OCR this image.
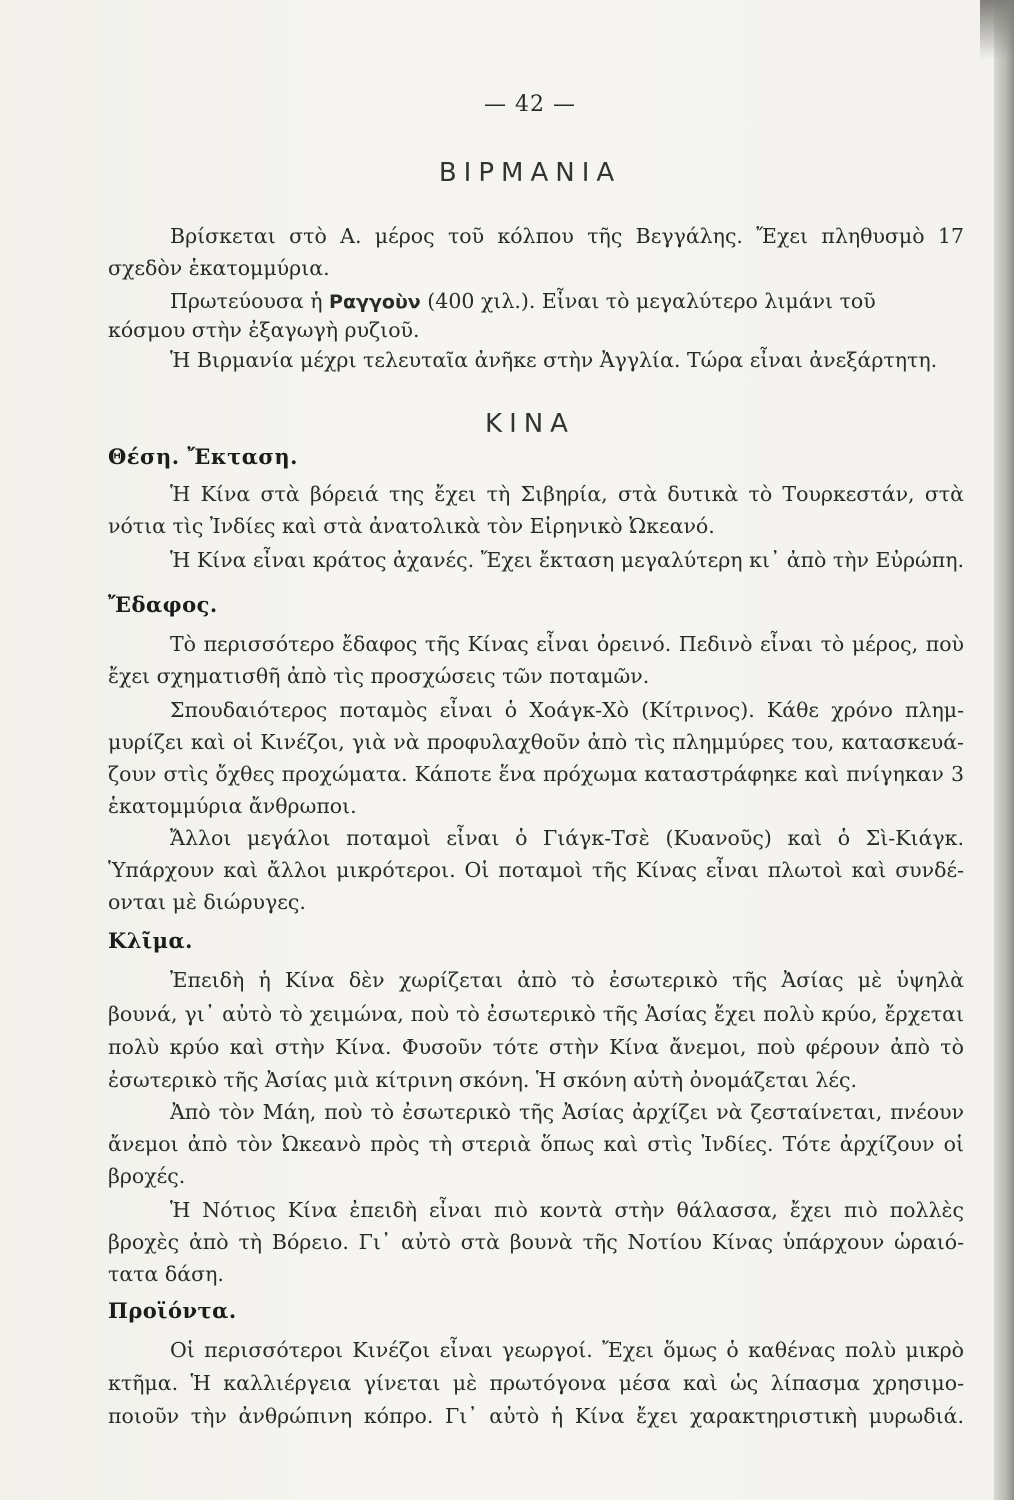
— 42 —
ΒΙΡΜΑΝΙΑ
Βρίσκεται στὸ Α. μέρος τοῦ κόλπου τῆς Βεγγάλης. Ἔχει πληθυσμὸ 17
σχεδὸν ἑκατομμύρια.
Πρωτεύουσα ἡ Ραγγοὺν (400 χιλ.). Εἶναι τὸ μεγαλύτερο λιμάνι τοῦ
κόσμου στὴν ἐξαγωγὴ ρυζιοῦ.
Ἡ Βιρμανία μέχρι τελευταῖα ἀνῆκε στὴν Ἀγγλία. Τώρα εἶναι ἀνεξάρτητη.
ΚΙΝΑ
Θέση. Ἔκταση.
Ἡ Κίνα στὰ βόρειά της ἔχει τὴ Σιβηρία, στὰ δυτικὰ τὸ Τουρκεστάν, στὰ
νότια τὶς Ἰνδίες καὶ στὰ ἀνατολικὰ τὸν Εἰρηνικὸ Ὠκεανό.
Ἡ Κίνα εἶναι κράτος ἀχανές. Ἔχει ἔκταση μεγαλύτερη κι᾽ ἀπὸ τὴν Εὐρώπη.
Ἔδαφος.
Τὸ περισσότερο ἔδαφος τῆς Κίνας εἶναι ὀρεινό. Πεδινὸ εἶναι τὸ μέρος, ποὺ
ἔχει σχηματισθῆ ἀπὸ τὶς προσχώσεις τῶν ποταμῶν.
Σπουδαιότερος ποταμὸς εἶναι ὁ Χοάγκ-Χὸ (Κίτρινος). Κάθε χρόνο πλημ-
μυρίζει καὶ οἱ Κινέζοι, γιὰ νὰ προφυλαχθοῦν ἀπὸ τὶς πλημμύρες του, κατασκευά-
ζουν στὶς ὄχθες προχώματα. Κάποτε ἕνα πρόχωμα καταστράφηκε καὶ πνίγηκαν 3
ἑκατομμύρια ἄνθρωποι.
Ἄλλοι μεγάλοι ποταμοὶ εἶναι ὁ Γιάγκ-Τσὲ (Κυανοῦς) καὶ ὁ Σὶ-Κιάγκ.
Ὑπάρχουν καὶ ἄλλοι μικρότεροι. Οἱ ποταμοὶ τῆς Κίνας εἶναι πλωτοὶ καὶ συνδέ-
ονται μὲ διώρυγες.
Κλῖμα.
Ἐπειδὴ ἡ Κίνα δὲν χωρίζεται ἀπὸ τὸ ἐσωτερικὸ τῆς Ἀσίας μὲ ὑψηλὰ
βουνά, γι᾽ αὐτὸ τὸ χειμώνα, ποὺ τὸ ἐσωτερικὸ τῆς Ἀσίας ἔχει πολὺ κρύο, ἔρχεται
πολὺ κρύο καὶ στὴν Κίνα. Φυσοῦν τότε στὴν Κίνα ἄνεμοι, ποὺ φέρουν ἀπὸ τὸ
ἐσωτερικὸ τῆς Ἀσίας μιὰ κίτρινη σκόνη. Ἡ σκόνη αὐτὴ ὀνομάζεται λές.
Ἀπὸ τὸν Μάη, ποὺ τὸ ἐσωτερικὸ τῆς Ἀσίας ἀρχίζει νὰ ζεσταίνεται, πνέουν
ἄνεμοι ἀπὸ τὸν Ὠκεανὸ πρὸς τὴ στεριὰ ὅπως καὶ στὶς Ἰνδίες. Τότε ἀρχίζουν οἱ
βροχές.
Ἡ Νότιος Κίνα ἐπειδὴ εἶναι πιὸ κοντὰ στὴν θάλασσα, ἔχει πιὸ πολλὲς
βροχὲς ἀπὸ τὴ Βόρειο. Γι᾽ αὐτὸ στὰ βουνὰ τῆς Νοτίου Κίνας ὑπάρχουν ὡραιό-
τατα δάση.
Προϊόντα.
Οἱ περισσότεροι Κινέζοι εἶναι γεωργοί. Ἔχει ὅμως ὁ καθένας πολὺ μικρὸ
κτῆμα. Ἡ καλλιέργεια γίνεται μὲ πρωτόγονα μέσα καὶ ὡς λίπασμα χρησιμο-
ποιοῦν τὴν ἀνθρώπινη κόπρο. Γι᾽ αὐτὸ ἡ Κίνα ἔχει χαρακτηριστικὴ μυρωδιά.
